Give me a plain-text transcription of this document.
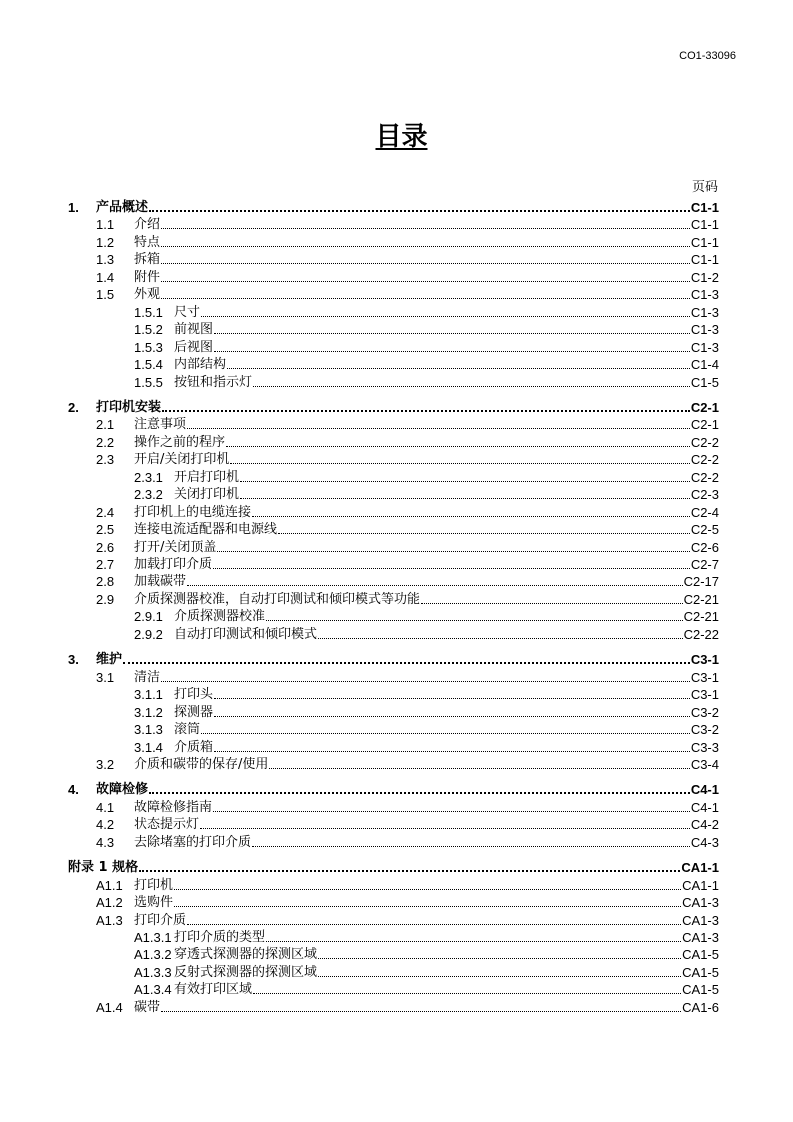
CO1-33096
目录
页码
1. 产品概述	C1-1
1.1 介绍	C1-1
1.2 特点	C1-1
1.3 拆箱	C1-1
1.4 附件	C1-2
1.5 外观	C1-3
1.5.1 尺寸	C1-3
1.5.2 前视图	C1-3
1.5.3 后视图	C1-3
1.5.4 内部结构	C1-4
1.5.5 按钮和指示灯	C1-5
2. 打印机安装	C2-1
2.1 注意事项	C2-1
2.2 操作之前的程序	C2-2
2.3 开启/关闭打印机	C2-2
2.3.1 开启打印机	C2-2
2.3.2 关闭打印机	C2-3
2.4 打印机上的电缆连接	C2-4
2.5 连接电流适配器和电源线	C2-5
2.6 打开/关闭顶盖	C2-6
2.7 加载打印介质	C2-7
2.8 加载碳带	C2-17
2.9 介质探测器校准，自动打印测试和倾印模式等功能	C2-21
2.9.1 介质探测器校准	C2-21
2.9.2 自动打印测试和倾印模式	C2-22
3. 维护	C3-1
3.1 清洁	C3-1
3.1.1 打印头	C3-1
3.1.2 探测器	C3-2
3.1.3 滚筒	C3-2
3.1.4 介质箱	C3-3
3.2 介质和碳带的保存/使用	C3-4
4. 故障检修	C4-1
4.1 故障检修指南	C4-1
4.2 状态提示灯	C4-2
4.3 去除堵塞的打印介质	C4-3
附录 1 规格	CA1-1
A1.1 打印机	CA1-1
A1.2 选购件	CA1-3
A1.3 打印介质	CA1-3
A1.3.1 打印介质的类型	CA1-3
A1.3.2 穿透式探测器的探测区域	CA1-5
A1.3.3 反射式探测器的探测区域	CA1-5
A1.3.4 有效打印区域	CA1-5
A1.4 碳带	CA1-6
